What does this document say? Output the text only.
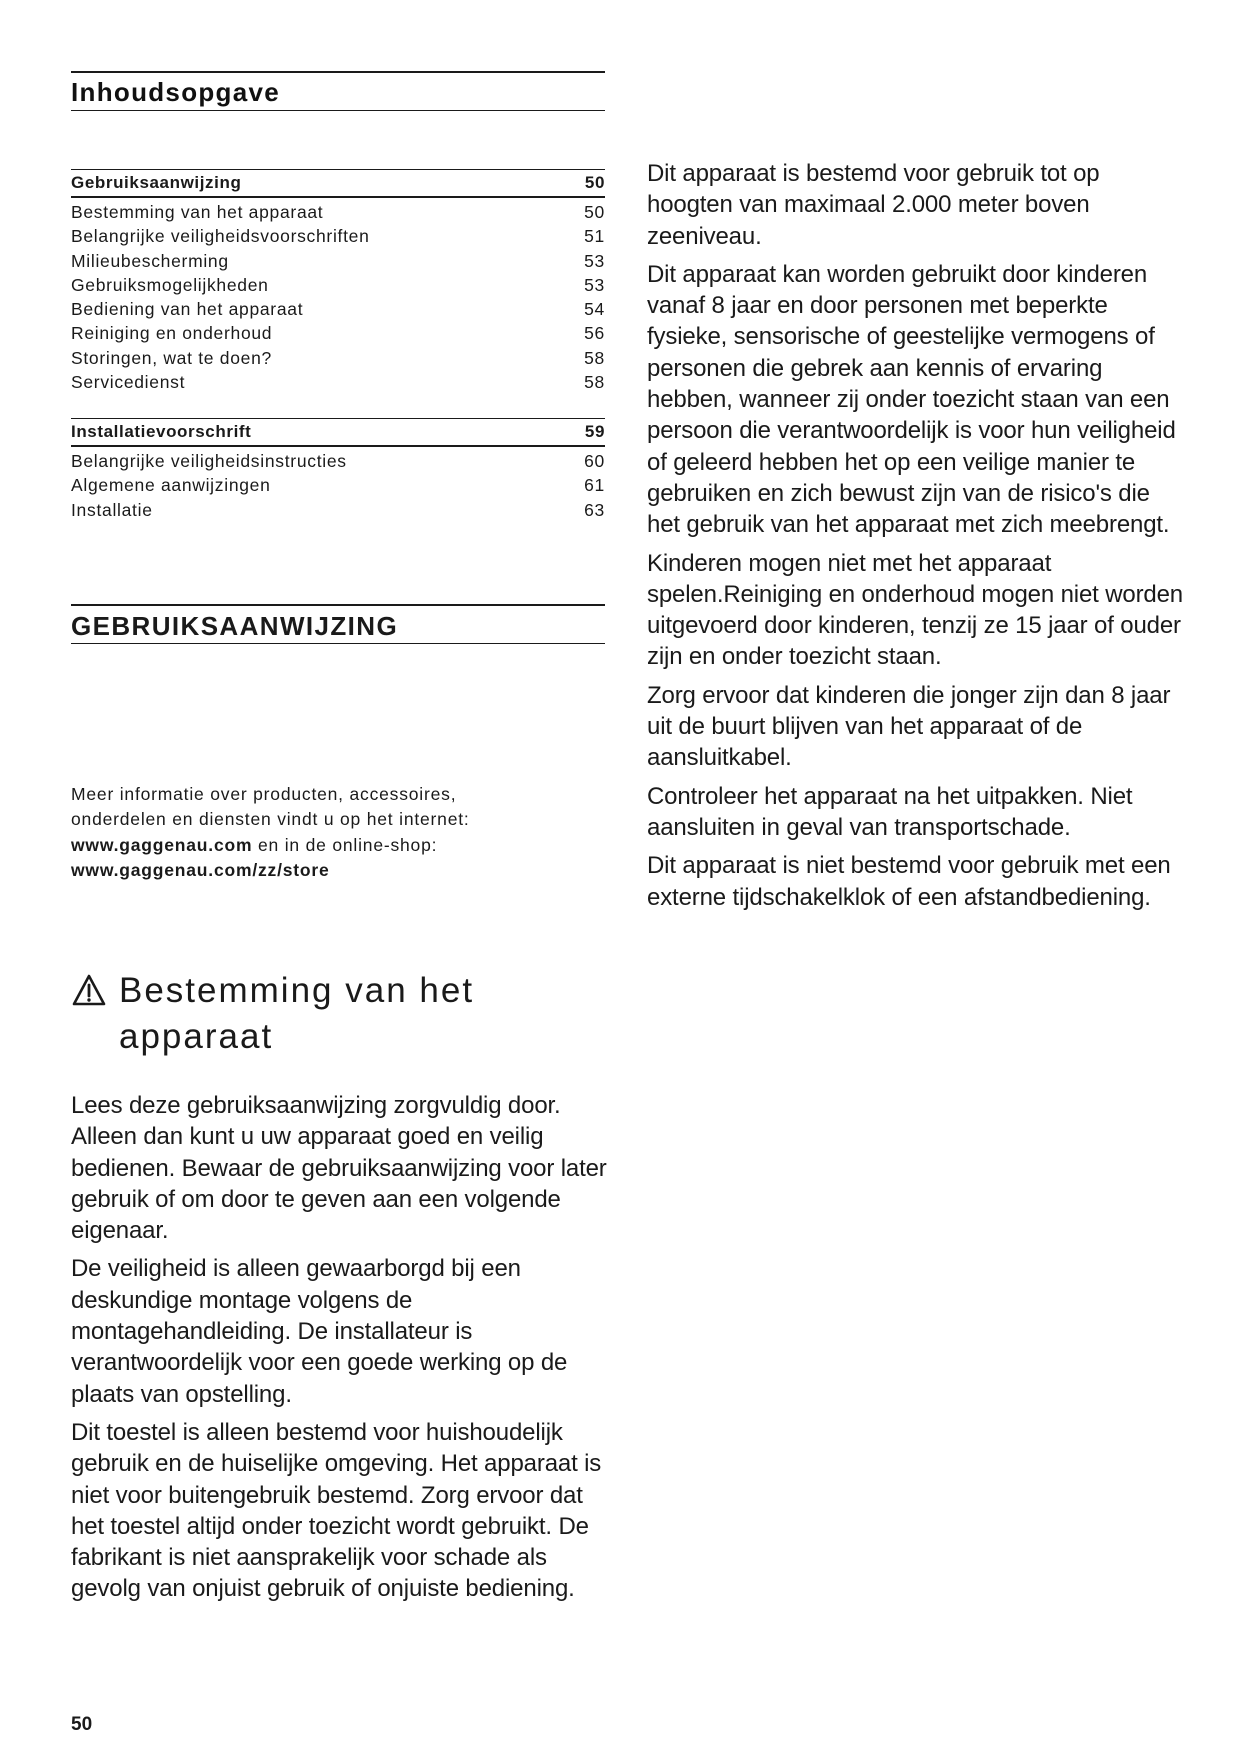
Inhoudsopgave
Gebruiksaanwijzing	50
Bestemming van het apparaat	50
Belangrijke veiligheidsvoorschriften	51
Milieubescherming	53
Gebruiksmogelijkheden	53
Bediening van het apparaat	54
Reiniging en onderhoud	56
Storingen, wat te doen?	58
Servicedienst	58
Installatievoorschrift	59
Belangrijke veiligheidsinstructies	60
Algemene aanwijzingen	61
Installatie	63
GEBRUIKSAANWIJZING
Meer informatie over producten, accessoires,
onderdelen en diensten vindt u op het internet:
www.gaggenau.com en in de online-shop:
www.gaggenau.com/zz/store
Bestemming van het
apparaat

Lees deze gebruiksaanwijzing zorgvuldig door. Alleen dan kunt u uw apparaat goed en veilig bedienen. Bewaar de gebruiksaanwijzing voor later gebruik of om door te geven aan een volgende eigenaar.

De veiligheid is alleen gewaarborgd bij een deskundige montage volgens de montagehandleiding. De installateur is verantwoordelijk voor een goede werking op de plaats van opstelling.

Dit toestel is alleen bestemd voor huishoudelijk gebruik en de huiselijke omgeving. Het apparaat is niet voor buitengebruik bestemd. Zorg ervoor dat het toestel altijd onder toezicht wordt gebruikt. De fabrikant is niet aansprakelijk voor schade als gevolg van onjuist gebruik of onjuiste bediening.

Dit apparaat is bestemd voor gebruik tot op hoogten van maximaal 2.000 meter boven zeeniveau.

Dit apparaat kan worden gebruikt door kinderen vanaf 8 jaar en door personen met beperkte fysieke, sensorische of geestelijke vermogens of personen die gebrek aan kennis of ervaring hebben, wanneer zij onder toezicht staan van een persoon die verantwoordelijk is voor hun veiligheid of geleerd hebben het op een veilige manier te gebruiken en zich bewust zijn van de risico's die het gebruik van het apparaat met zich meebrengt.

Kinderen mogen niet met het apparaat spelen.Reiniging en onderhoud mogen niet worden uitgevoerd door kinderen, tenzij ze 15 jaar of ouder zijn en onder toezicht staan.

Zorg ervoor dat kinderen die jonger zijn dan 8 jaar uit de buurt blijven van het apparaat of de aansluitkabel.

Controleer het apparaat na het uitpakken. Niet aansluiten in geval van transportschade.

Dit apparaat is niet bestemd voor gebruik met een externe tijdschakelklok of een afstandbediening.

50
